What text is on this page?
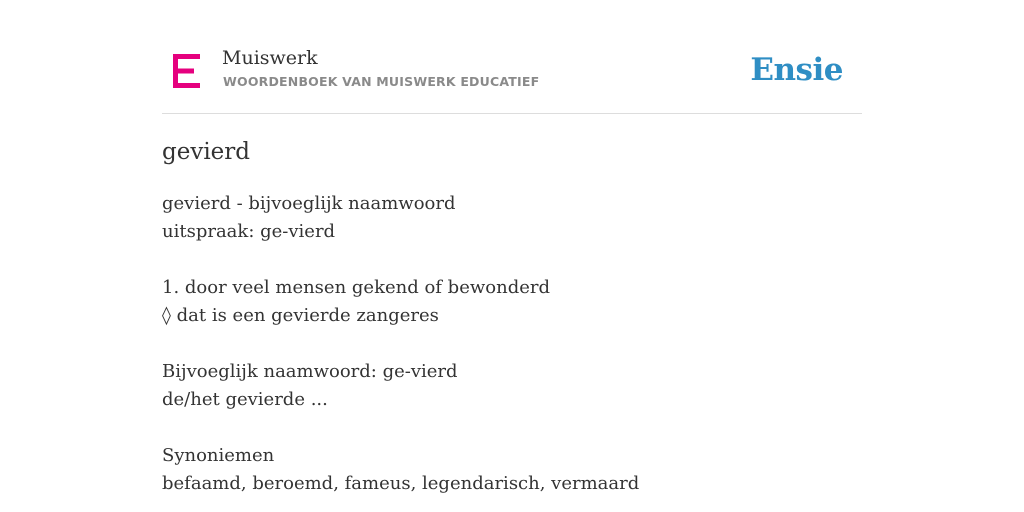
Muiswerk
WOORDENBOEK VAN MUISWERK EDUCATIEF	Ensie
gevierd
gevierd - bijvoeglijk naamwoord
uitspraak: ge-vierd
1. door veel mensen gekend of bewonderd
◊ dat is een gevierde zangeres
Bijvoeglijk naamwoord: ge-vierd
de/het gevierde ...
Synoniemen
befaamd, beroemd, fameus, legendarisch, vermaard
